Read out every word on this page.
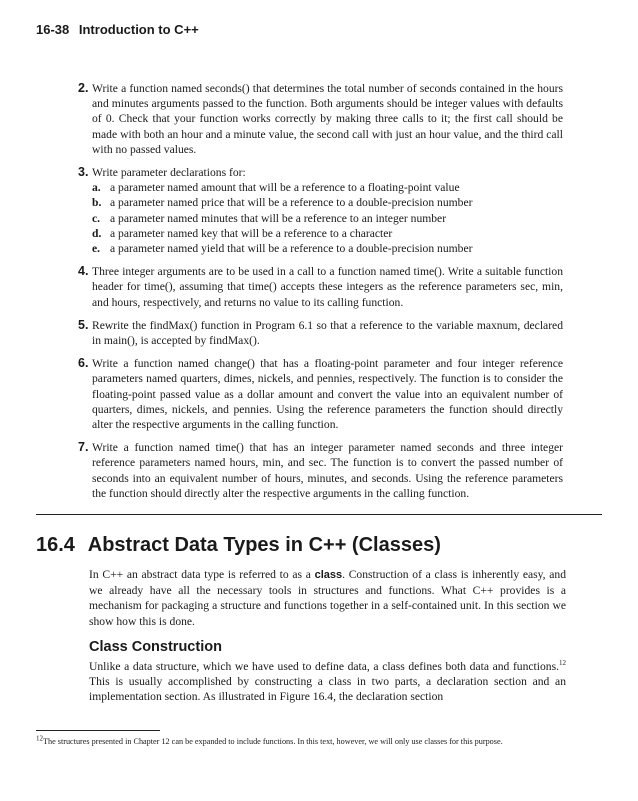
16-38 Introduction to C++
2. Write a function named seconds() that determines the total number of seconds contained in the hours and minutes arguments passed to the function. Both arguments should be integer values with defaults of 0. Check that your function works correctly by making three calls to it; the first call should be made with both an hour and a minute value, the second call with just an hour value, and the third call with no passed values.
3. Write parameter declarations for:
a. a parameter named amount that will be a reference to a floating-point value
b. a parameter named price that will be a reference to a double-precision number
c. a parameter named minutes that will be a reference to an integer number
d. a parameter named key that will be a reference to a character
e. a parameter named yield that will be a reference to a double-precision number
4. Three integer arguments are to be used in a call to a function named time(). Write a suitable function header for time(), assuming that time() accepts these integers as the reference parameters sec, min, and hours, respectively, and returns no value to its calling function.
5. Rewrite the findMax() function in Program 6.1 so that a reference to the variable maxnum, declared in main(), is accepted by findMax().
6. Write a function named change() that has a floating-point parameter and four integer reference parameters named quarters, dimes, nickels, and pennies, respectively. The function is to consider the floating-point passed value as a dollar amount and convert the value into an equivalent number of quarters, dimes, nickels, and pennies. Using the reference parameters the function should directly alter the respective arguments in the calling function.
7. Write a function named time() that has an integer parameter named seconds and three integer reference parameters named hours, min, and sec. The function is to convert the passed number of seconds into an equivalent number of hours, minutes, and seconds. Using the reference parameters the function should directly alter the respective arguments in the calling function.
16.4 Abstract Data Types in C++ (Classes)
In C++ an abstract data type is referred to as a class. Construction of a class is inherently easy, and we already have all the necessary tools in structures and functions. What C++ provides is a mechanism for packaging a structure and functions together in a self-contained unit. In this section we show how this is done.
Class Construction
Unlike a data structure, which we have used to define data, a class defines both data and functions.$^{12}$ This is usually accomplished by constructing a class in two parts, a declaration section and an implementation section. As illustrated in Figure 16.4, the declaration section
$^{12}$The structures presented in Chapter 12 can be expanded to include functions. In this text, however, we will only use classes for this purpose.
